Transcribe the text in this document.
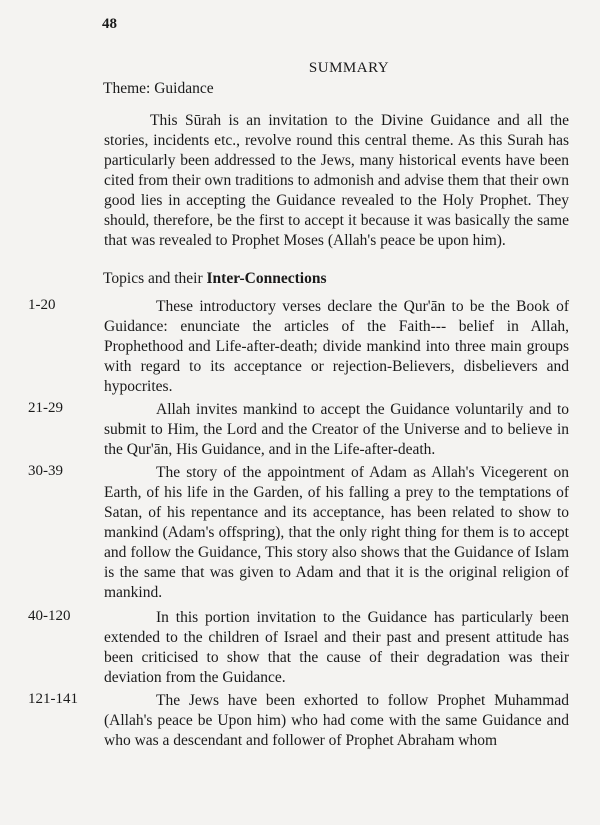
48
SUMMARY
Theme: Guidance

This Sūrah is an invitation to the Divine Guidance and all the stories, incidents etc., revolve round this central theme. As this Surah has particularly been addressed to the Jews, many historical events have been cited from their own traditions to admonish and advise them that their own good lies in accepting the Guidance revealed to the Holy Prophet. They should, therefore, be the first to accept it because it was basically the same that was revealed to Prophet Moses (Allah's peace be upon him).

Topics and their Inter-Connections
1-20	These introductory verses declare the Qur'ān to be the Book of Guidance: enunciate the articles of the Faith--- belief in Allah, Prophethood and Life-after-death; divide mankind into three main groups with regard to its acceptance or rejection-Believers, disbelievers and hypocrites.

21-29	Allah invites mankind to accept the Guidance voluntarily and to submit to Him, the Lord and the Creator of the Universe and to believe in the Qur'ān, His Guidance, and in the Life-after-death.

30-39	The story of the appointment of Adam as Allah's Vicegerent on Earth, of his life in the Garden, of his falling a prey to the temptations of Satan, of his repentance and its acceptance, has been related to show to mankind (Adam's offspring), that the only right thing for them is to accept and follow the Guidance, This story also shows that the Guidance of Islam is the same that was given to Adam and that it is the original religion of mankind.

40-120	In this portion invitation to the Guidance has particularly been extended to the children of Israel and their past and present attitude has been criticised to show that the cause of their degradation was their deviation from the Guidance.

121-141	The Jews have been exhorted to follow Prophet Muhammad (Allah's peace be Upon him) who had come with the same Guidance and who was a descendant and follower of Prophet Abraham whom
